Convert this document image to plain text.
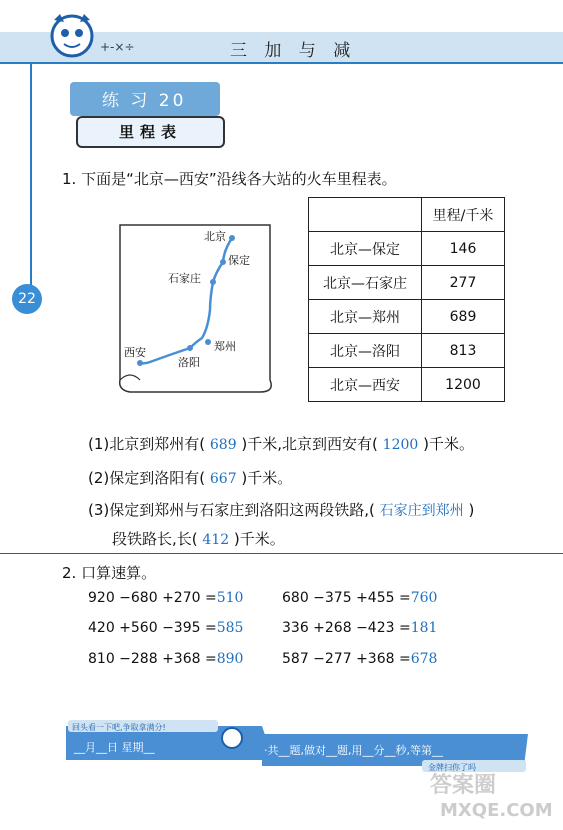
+-×÷	三 加 与 减
22
练 习 20
里程表
1. 下面是“北京—西安”沿线各大站的火车里程表。
北京
保定
石家庄
郑州
洛阳
西安
	里程/千米
北京—保定	146
北京—石家庄	277
北京—郑州	689
北京—洛阳	813
北京—西安	1200
(1)北京到郑州有( 689 )千米,北京到西安有( 1200 )千米。
(2)保定到洛阳有( 667 )千米。
(3)保定到郑州与石家庄到洛阳这两段铁路,( 石家庄到郑州 )
段铁路长,长( 412 )千米。
2. 口算速算。
920 −680 +270 =510
420 +560 −395 =585
810 −288 +368 =890
680 −375 +455 =760
336 +268 −423 =181
587 −277 +368 =678
回头看一下吧,争取拿满分!
__月__日 星期__	·共__题,做对__题,用__分__秒,等第__
金牌扫你了吗
答案圈
MXQE.COM
